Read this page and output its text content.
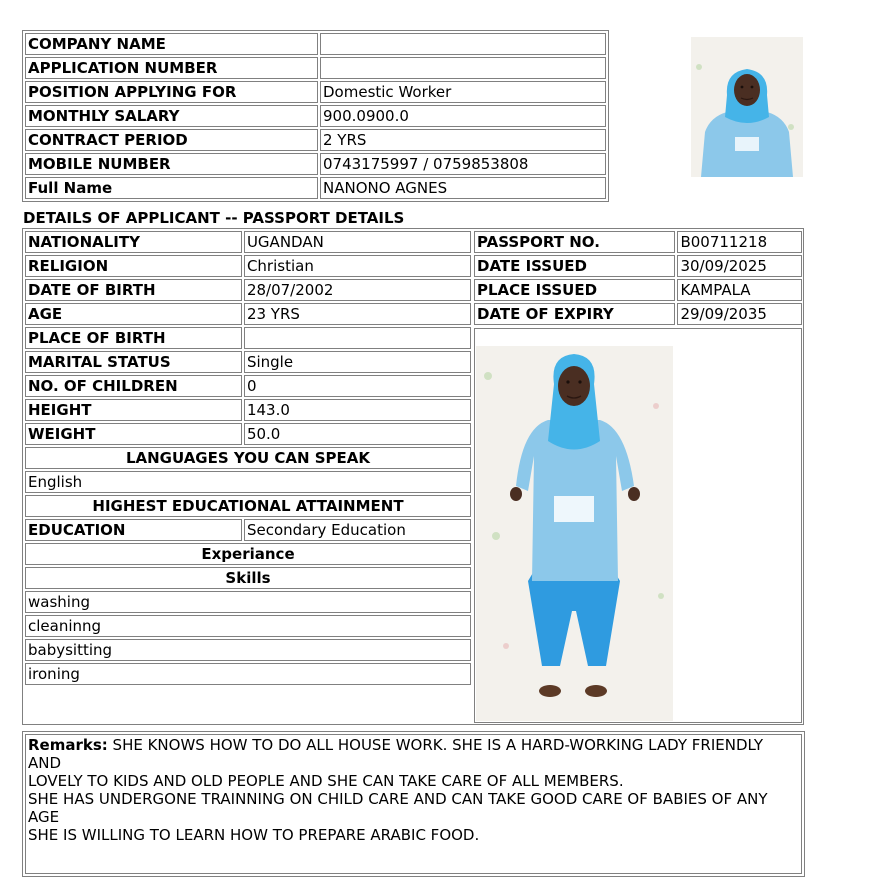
COMPANY NAME	
APPLICATION NUMBER	
POSITION APPLYING FOR	Domestic Worker
MONTHLY SALARY	900.0900.0
CONTRACT PERIOD	2 YRS
MOBILE NUMBER	0743175997 / 0759853808
Full Name	NANONO AGNES
DETAILS OF APPLICANT -- PASSPORT DETAILS
NATIONALITY	UGANDAN
RELIGION	Christian
DATE OF BIRTH	28/07/2002
AGE	23 YRS
PLACE OF BIRTH	
MARITAL STATUS	Single
NO. OF CHILDREN	0
HEIGHT	143.0
WEIGHT	50.0
LANGUAGES YOU CAN SPEAK	
English	
HIGHEST EDUCATIONAL ATTAINMENT	
EDUCATION	Secondary Education
Experiance	
Skills	
washing	
cleaninng	
babysitting	
ironing	
PASSPORT NO.	B00711218
DATE ISSUED	30/09/2025
PLACE ISSUED	KAMPALA
DATE OF EXPIRY	29/09/2035
Remarks: SHE KNOWS HOW TO DO ALL HOUSE WORK. SHE IS A HARD-WORKING LADY FRIENDLY
AND
LOVELY TO KIDS AND OLD PEOPLE AND SHE CAN TAKE CARE OF ALL MEMBERS.
SHE HAS UNDERGONE TRAINNING ON CHILD CARE AND CAN TAKE GOOD CARE OF BABIES OF ANY
AGE
SHE IS WILLING TO LEARN HOW TO PREPARE ARABIC FOOD.
